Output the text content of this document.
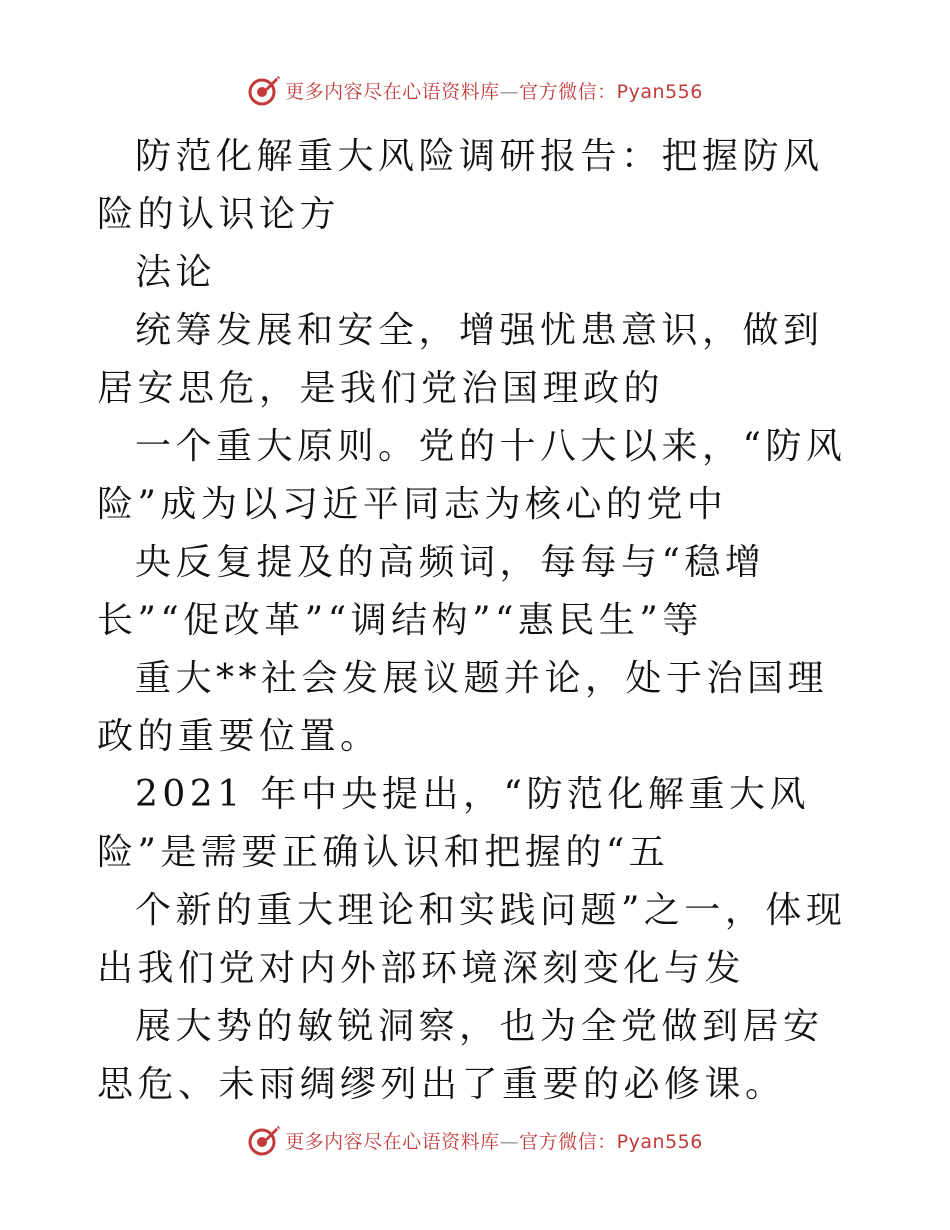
更多内容尽在心语资料库—官方微信：Pyan556

防范化解重大风险调研报告：把握防风险的认识论方

法论

统筹发展和安全，增强忧患意识，做到居安思危，是我们党治国理政的

一个重大原则。党的十八大以来，“防风险”成为以习近平同志为核心的党中

央反复提及的高频词，每每与“稳增长”“促改革”“调结构”“惠民生”等

重大**社会发展议题并论，处于治国理政的重要位置。

2021 年中央提出，“防范化解重大风险”是需要正确认识和把握的“五

个新的重大理论和实践问题”之一，体现出我们党对内外部环境深刻变化与发

展大势的敏锐洞察，也为全党做到居安思危、未雨绸缪列出了重要的必修课。

更多内容尽在心语资料库—官方微信：Pyan556
